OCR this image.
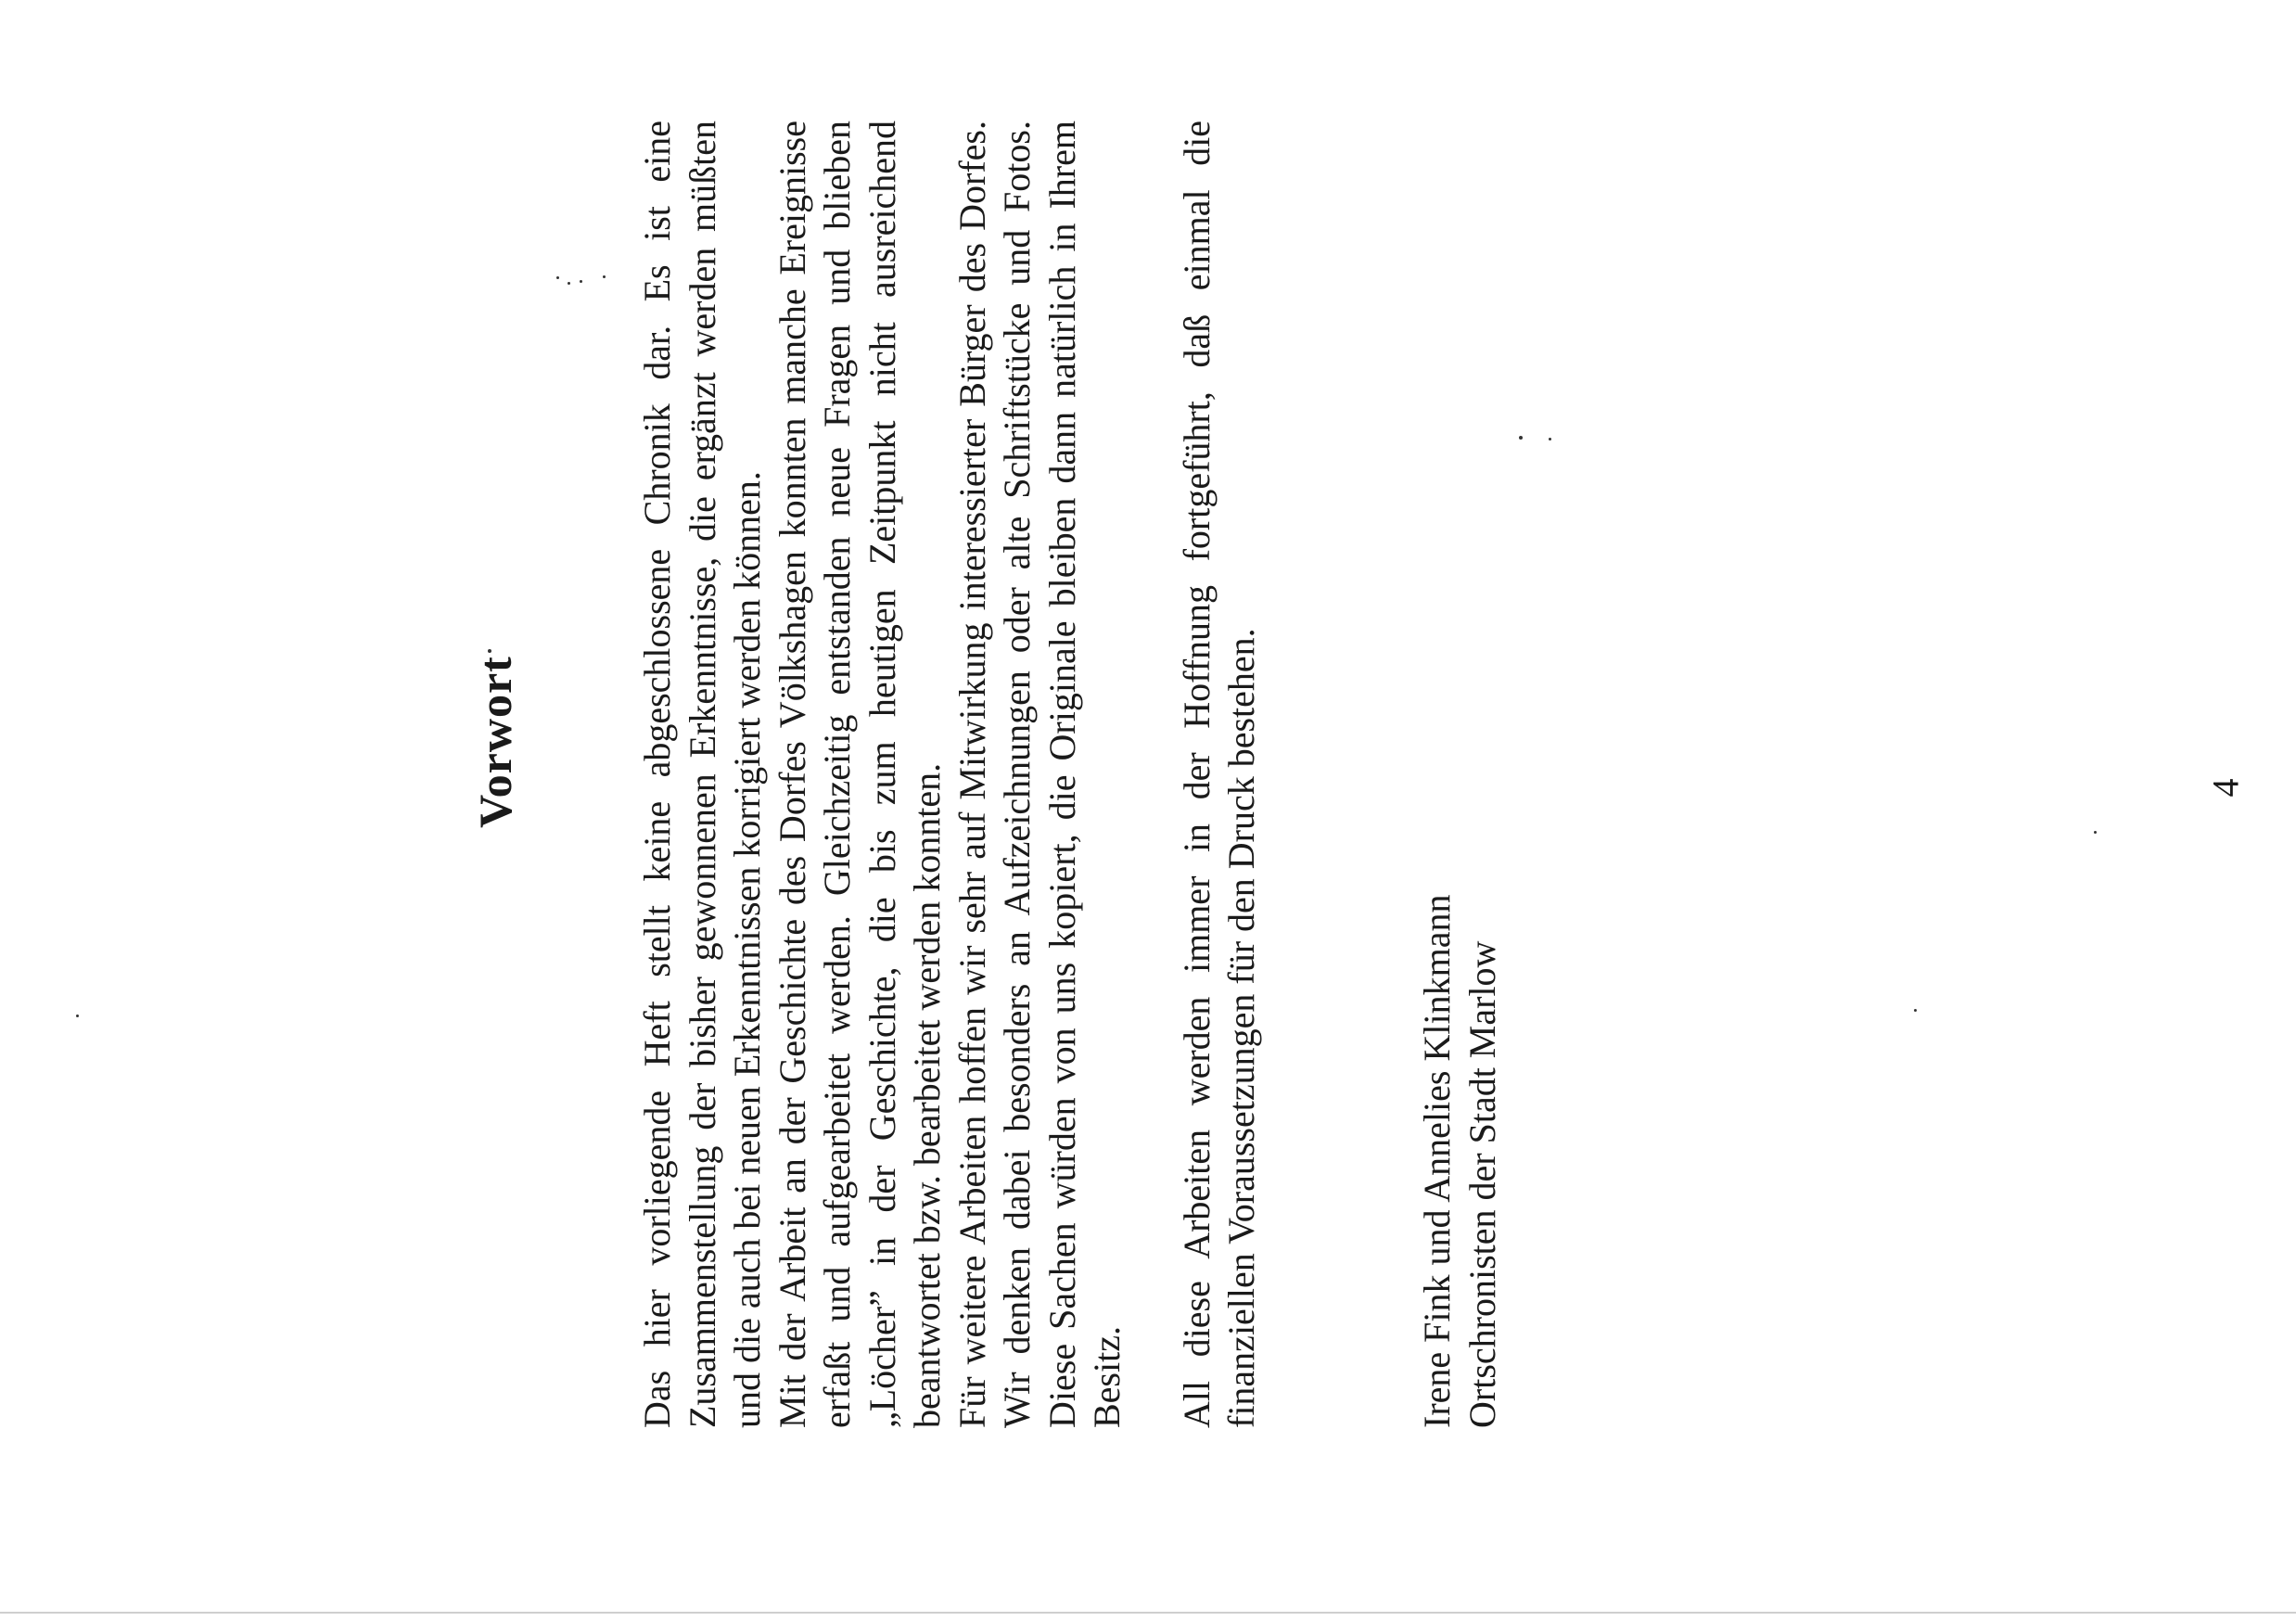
Vorwort	Das hier vorliegende Heft stellt keine abgeschlossene Chronik dar. Es ist eine Zusammenstellung der bisher gewonnenen Erkenntnisse, die ergänzt werden müßten und die auch bei neuen Erkenntnissen korrigiert werden können. Mit der Arbeit an der Geschichte des Dorfes Völkshagen konnten manche Ereignisse erfaßt und aufgearbeitet werden. Gleichzeitig entstanden neue Fragen und blieben „Löcher” in der Geschichte, die bis zum heutigen Zeitpunkt nicht ausreichend beantwortet bzw. bearbeitet werden konnten. Für weitere Arbeiten hoffen wir sehr auf Mitwirkung interessierter Bürger des Dorfes. Wir denken dabei besonders an Aufzeichnungen oder alte Schriftstücke und Fotos. Diese Sachen würden von uns kopiert, die Originale bleiben dann natürlich in Ihrem Besitz. All diese Arbeiten werden immer in der Hoffnung fortgeführt, daß einmal die finanziellen Voraussetzungen für den Druck bestehen.	Irene Fink und Annelies Klinkmann Ortschronisten der Stadt Marlow
4
